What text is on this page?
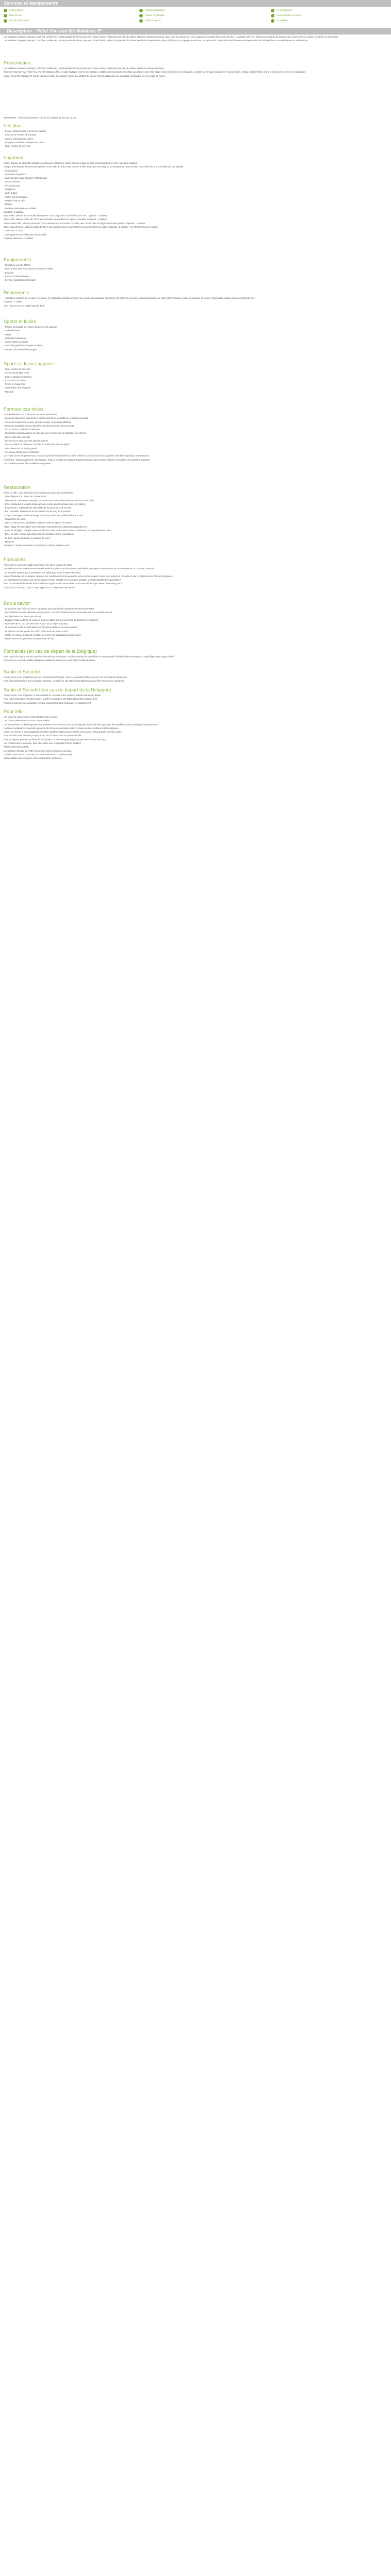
Services et équipements
Accès internet	Activités nautiques	Air conditionné
Bord de mer	Centre de plongée	Centre remise en forme
Piscine découverte	Salle de sports	Tv satellite
Description - Hôtel You and Me Maldives 5*

Les Maldives comptent quelque 1.200 îles coralliennes, petits paradis de fleurs posés sur l'océan indien, veillant la protection du calme, sérénité et beauté des lieux. Idéal pour les amoureux et les voyageurs en quête d'un séjour de rêve. L'archipel est le lieu idéal pour un séjour de détente, que vous soyez en couple, en famille ou entre amis.
Les Maldives comptent quelque 1.200 îles coralliennes, petits paradis de fleurs posés sur l'océan indien, veillant la protection du calme, sérénité et beauté de ces lieux, idéal pour un voyage en amoureux ou entre amis. Venez découvrir la nature exceptionnelle de l'archipel dans un cadre luxueux et authentique.

Présentation

Les Maldives comptent quelque 1.200 îles coralliennes, petits paradis de fleurs posés sur l'océan indien, veillant la protection du calme, sérénité et beauté des lieux.
Situé sur l'atoll de Raa, l'hôtel You and Me Maldives offre un cadre idyllique réservé aux adultes. L'établissement propose des villas sur pilotis et des villas plage, toutes décorées avec élégance, ouvertes sur le lagon turquoise et l'océan Indien. Chaque villa bénéficie d'une terrasse privée avec vue imprenable.
L'hôtel You & Me Maldives 5* est un complexe intime et exclusif réservé aux adultes de plus de 16 ans, idéal pour une escapade romantique ou un voyage de noces.

IMPORTANT : Hôtel exclusivement réservé aux adultes de plus de 16 ans.

Les plus

- Séjour exclusivement réservé aux adultes
- Choix de la formule All Inclusive
- Cuisine internationale variée
- Plongée et activités nautiques sur place
- Spa et centre de bien-être

Logement

L'hôtel dispose de 105 villas réparties en plusieurs catégories, toutes décorées dans un style contemporain avec des matériaux naturels.
Chaque villa dispose d'une terrasse privée, d'une salle de bains avec douche à effet pluie, d'un dressing, de la climatisation, d'un minibar, d'un coffre-fort et d'une télévision par satellite.
- Climatisation
- Ventilateur de plafond
- Salle de bains avec douche à effet de pluie
- Sèche-cheveux
- TV à écran plat
- Téléphone
- Wi-Fi gratuit
- Coffre-fort électronique
- Plateau / thé et café
- Minibar
- Terrasse aménagée de mobilier
Capacité : 2 adultes.
Beach villa : villa de 63 m² située directement sur la plage avec accès direct à la mer. Capacité : 2 adultes.
Water villa : villa sur pilotis de 72 m² avec terrasse, accès direct au lagon et transats. Capacité : 2 adultes.
Sunset water villa : villa sur pilotis de 72 m² orientée vers le coucher du soleil, avec accès direct au lagon et terrasse privée. Capacité : 2 adultes.
Water villa with pool : villa sur pilotis de 85 m² avec piscine privée à débordement et accès direct au lagon. Capacité : 2 adultes (+1 enfant de plus de 16 ans).
A partir de 27/12/20
L'aménagement des villas peut être modifié.
Capacité maximale : 2 adultes.

Equipements

- Réception ouverte 24h/24
- Wi-Fi gratuit dans les espaces communs et villas
- Boutique
- Service de blanchisserie
- Service médical (sur demande)

Restaurants

- Animation régulière ou en soirée en saison. Le restaurant principal propose une cuisine internationale sous forme de buffet. Un second restaurant propose une carte gastronomique à base de produits de la mer et spécialités locales servies en bord de mer.
Capacité : 2 salles.
Infos : tenue correcte exigée pour le dîner.

Sports et loisirs

- Piscine aménagée de chaises longues et de parasols
- Salle de fitness
- Tennis
- Volleyball, badminton
- Kayak, stand up paddle
- Snorkeling (prêt de masques et tubas)
- Location de matériel de plongée

Sports et loisirs payants

- Spa et centre de bien-être
- Centre de plongée PADI
- Sports nautiques motorisés
- Excursions en bateau
- Pêche en haute mer
- Observation des dauphins
- Mini-golf

Formule tout inclus

Vous bénéficierez de la formule Tout inclus PREMIUM.
- Les petits déjeuners, déjeuners et dîners sous forme de buffet au restaurant principal
- Accès au restaurant à la carte (sur réservation, selon disponibilités)
- Boissons alcoolisées et non alcoolisées à discrétion de 11h00 à minuit
- Vin au verre et cocktails à sélection
- Un minibar réapprovisionné une fois par jour en boissons non alcoolisées et bières
- Thé et café dans les villas
- Les en-cas et snacks servis dans la journée
- Une excursion en bateau au coucher du soleil (une fois par séjour)
- Une séance de snorkeling guidé
- Accès aux activités non motorisées
Les repas du soir se prennent au restaurant principal sous forme de buffet à thème. Certains soirs sont organisés des dîners spéciaux et animations.
Non inclus : boissons premium, champagne, repas à la carte au restaurant gastronomique, soins au spa, activités motorisées et excursions payantes.
Les horaires peuvent être modifiés sans préavis.

Restauration

Dîner en villa : vous bénéficiez à la formule tout inclus (sur réservation).
L'hôtel dispose d'un bar et de 3 restaurants :
- The Islands : restaurant principal proposant une cuisine internationale sous forme de buffet.
- Dine : restaurant à la carte proposant une cuisine gastronomique (sur réservation).
- Sea Dreams : restaurant de spécialités de poissons et fruits de mer.
- Bar : cocktails, boissons et en-cas servis tout au long de la journée.
Le Spa : massages, soins du visage et du corps dans des pavillons face à la mer.
- Ouvert tous les jours.
- Dans certains soins, possibilité d'utiliser la salle de sport et le sauna.
Plage : plage de sable blanc avec transats et parasols mis à disposition gratuitement.
Centre de plongée : plongée autour de l'île et sur les récifs environnants. Certification PADI possible sur place.
- Dîner en villa : 3 plats avec boissons non alcoolisées (sur réservation).
- Le Spa : sauna, hammam et cabines de soins.
- Bijouterie.
Animation : soirées dansantes et spectacles à thème certains soirs.

Formalités

Passeport en cours de validité supérieure à 6 mois à la date de retour.
Formalités pour les ressortissants de nationalité française. Pour les autres nationalités, renseignez-vous auprès de l'ambassade ou du consulat concerné.
Les autorités exigent que le passeport soit valide pour toute la durée du séjour.
Suite à l'évolution de la situation sanitaire, les conditions d'entrée peuvent évoluer à tout moment. Nous vous invitons à consulter le site du Ministère des Affaires Étrangères.
Les informations fournies sont communiquées à titre indicatif et ne sauraient engager la responsabilité de l'organisateur.
Il est recommandé de vérifier les formalités en vigueur avant votre départ sur le site officiel https://www.diplomatie.gouv.fr
COÛT ÉLECTRIQUE : 230V / 50Hz. Type D et G. Adaptateur nécessaire.

Bon à savoir

- Le transfert vers l'hôtel se fait en hydravion (45 min) depuis l'aéroport international de Malé.
- Les transferts ne sont effectués qu'en journée ; une nuit à Malé peut être nécessaire selon les horaires de vol.
- Les hydravions ne volent pas de nuit.
- Bagages limités à 20 kg en soute et 5 kg en cabine par personne lors du transfert en hydravion.
- Taxe verte de 6 USD par personne et par nuit, à régler sur place.
- La monnaie locale est la Rufiyaa (MVR) mais le dollar est accepté partout.
- Le check-in se fait à partir de 14h00 et le check-out avant 12h00.
- L'hôtel se réserve le droit de modifier ou fermer ses installations sans préavis.
- Tenue correcte exigée dans les restaurants le soir.

Formalités (en cas de départ de la Belgique)

Pour toute information sur les conditions d'entrée pour ce séjour, veuillez consulter le site officiel du Service public fédéral Affaires étrangères : https://diplomatie.belgium.be/fr
Passeport en cours de validité obligatoire, valable au minimum 6 mois après la date de retour.

Santé et Sécurité

Aucun vaccin n'est obligatoire pour les ressortissants français. Il est recommandé d'être à jour de ses vaccinations habituelles.
Pour plus d'informations sur la situation sanitaire, consultez le site https://www.diplomatie.gouv.fr/fr/conseils-aux-voyageurs

Santé et Sécurité (en cas de départ de la Belgique)

Aucun vaccin n'est obligatoire. Il est conseillé de consulter votre médecin traitant avant votre départ.
Pour toute information complémentaire, veuillez consulter le site https://diplomatie.belgium.be/fr
Pensez à souscrire une assurance voyage couvrant les frais médicaux et le rapatriement.

Pour info

Les taxes de séjour sont à régler directement sur place.
Les photos présentées sont non contractuelles.
Les informations sur l'hébergement, les activités et les services sont communiquées à titre indicatif et peuvent être modifiées sans préavis par l'établissement.
Certaines installations et activités peuvent être fermées ou limitées selon la saison ou les conditions météorologiques.
L'hôtel se réserve le droit d'appliquer des frais supplémentaires pour certains services non inclus dans la formule choisie.
Tous les tarifs sont indiqués par personne, sur la base d'une occupation double.
Pour les séjours pendant les fêtes de fin d'année, un dîner de gala obligatoire peut être facturé sur place.
Les horaires des restaurants, bars et activités sont susceptibles d'être modifiés.
PRÉCISION ENCADRÉE
La catégorie officielle de l'hôtel est donnée selon les normes du pays.
N'hésitez pas à nous contacter pour toute information complémentaire.
Séjour adapté aux voyageurs recherchant calme et détente.
